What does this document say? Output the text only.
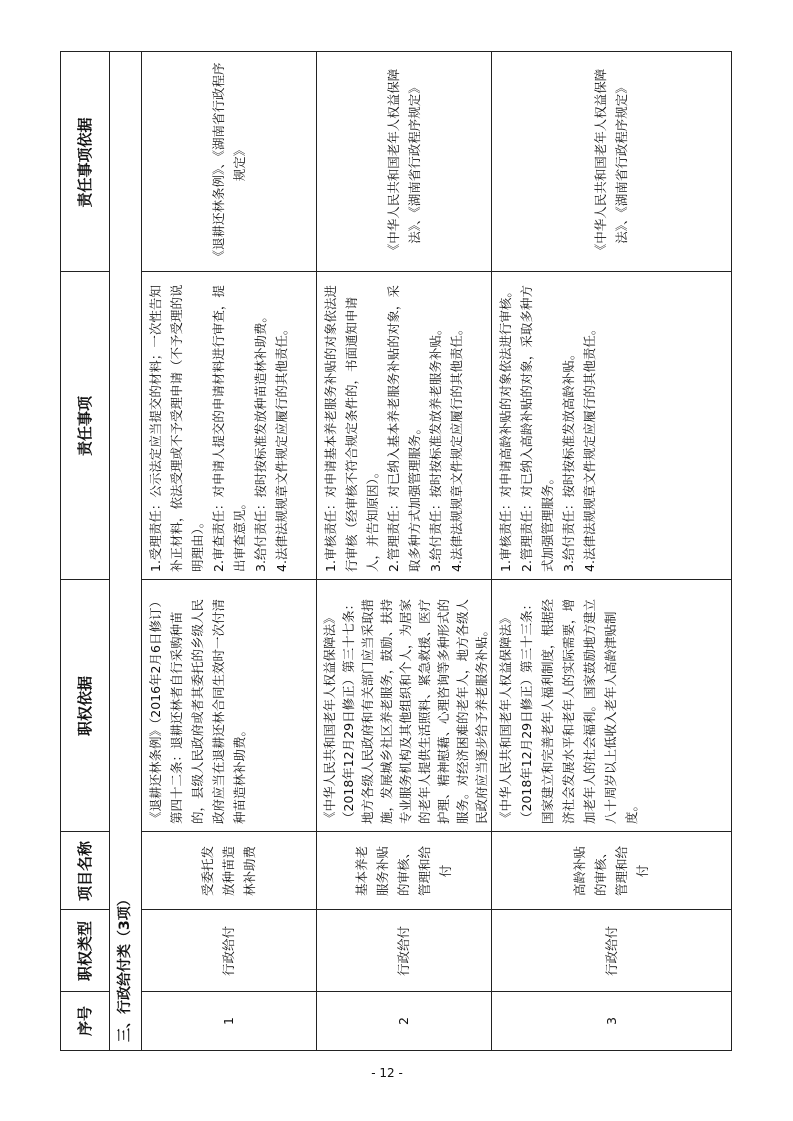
- 12 -
序号
职权类型
项目名称
职权依据
责任事项
责任事项依据
三、行政给付类（3项）	1
行政给付
受委托发放种苗造林补助费
《退耕还林条例》（2016年2月6日修订）第四十二条：退耕还林者自行采购种苗的，县级人民政府或者其委托的乡级人民政府应当在退耕还林合同生效时一次付清种苗造林补助费。
1.受理责任：公示法定应当提交的材料；一次性告知补正材料，依法受理或不予受理申请（不予受理的说明理由）。 2.审查责任：对申请人提交的申请材料进行审查，提出审查意见。 3.给付责任：按时按标准发放种苗造林补助费。 4.法律法规规章文件规定应履行的其他责任。
《退耕还林条例》、《湖南省行政程序规定》
2
行政给付
基本养老服务补贴的审核、管理和给付
《中华人民共和国老年人权益保障法》（2018年12月29日修正）第三十七条：地方各级人民政府和有关部门应当采取措施，发展城乡社区养老服务，鼓励、扶持专业服务机构及其他组织和个人，为居家的老年人提供生活照料、紧急救援、医疗护理、精神慰藉、心理咨询等多种形式的服务。对经济困难的老年人，地方各级人民政府应当逐步给予养老服务补贴。
1.审核责任：对申请基本养老服务补贴的对象依法进行审核（经审核不符合规定条件的，书面通知申请人，并告知原因）。 2.管理责任：对已纳入基本养老服务补贴的对象，采取多种方式加强管理服务。 3.给付责任：按时按标准发放养老服务补贴。 4.法律法规规章文件规定应履行的其他责任。
《中华人民共和国老年人权益保障法》、《湖南省行政程序规定》
3
行政给付
高龄补贴的审核、管理和给付
《中华人民共和国老年人权益保障法》（2018年12月29日修正）第三十三条：国家建立和完善老年人福利制度，根据经济社会发展水平和老年人的实际需要，增加老年人的社会福利。国家鼓励地方建立八十周岁以上低收入老年人高龄津贴制度。
1.审核责任：对申请高龄补贴的对象依法进行审核。 2.管理责任：对已纳入高龄补贴的对象，采取多种方式加强管理服务。 3.给付责任：按时按标准发放高龄补贴。 4.法律法规规章文件规定应履行的其他责任。
《中华人民共和国老年人权益保障法》、《湖南省行政程序规定》
